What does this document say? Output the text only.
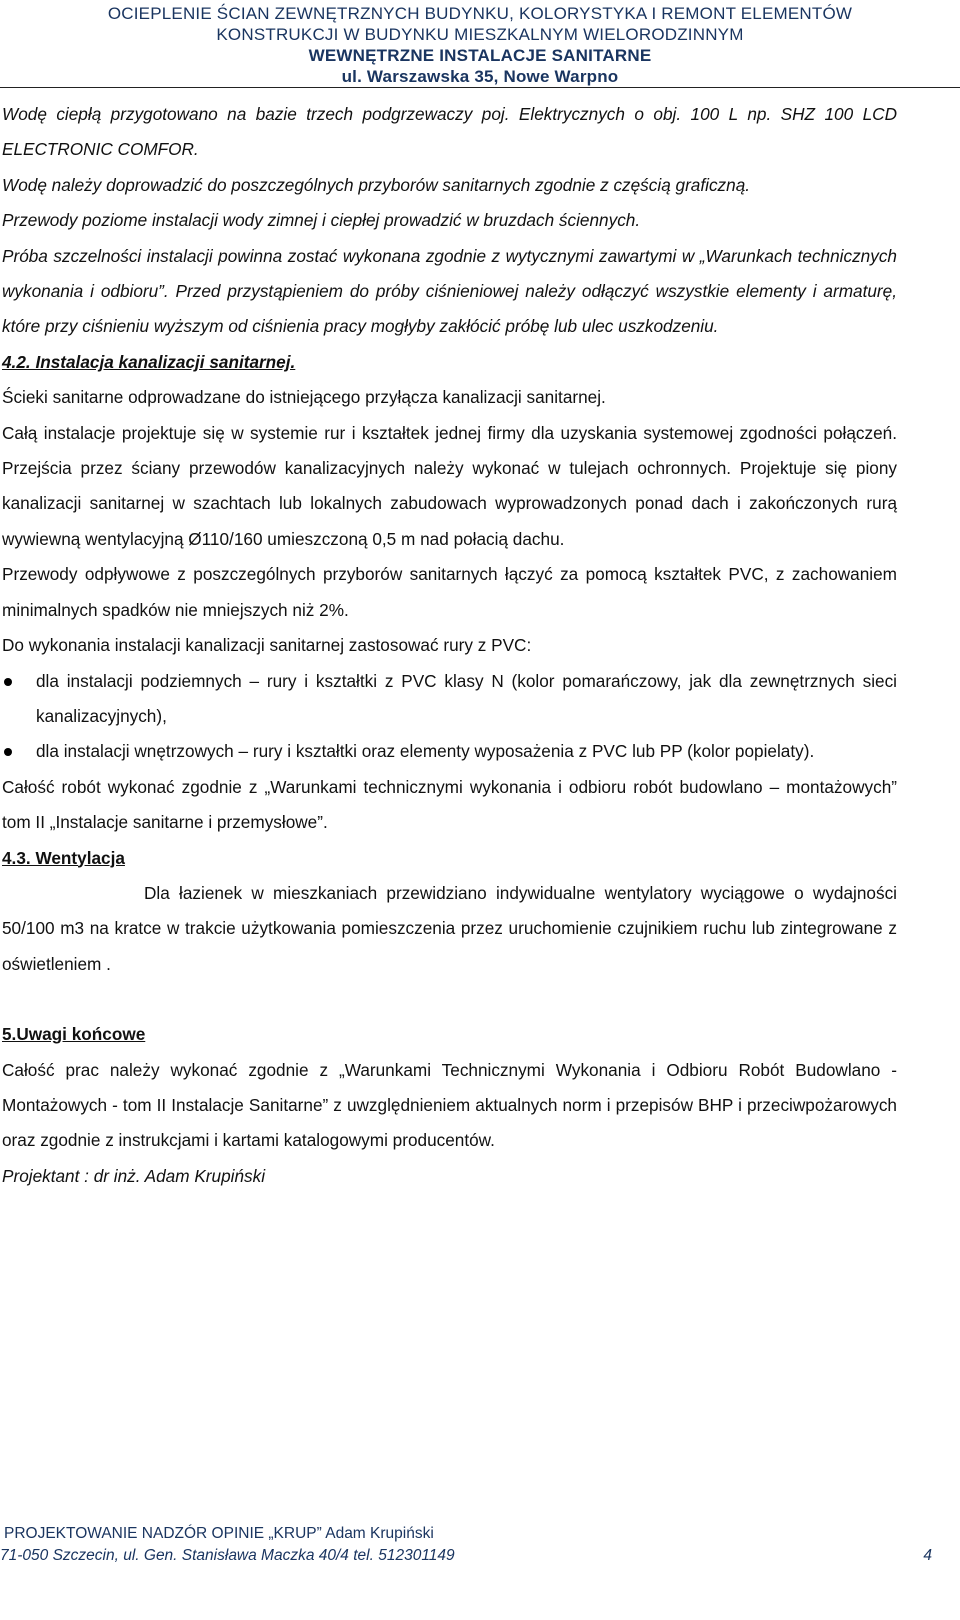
OCIEPLENIE ŚCIAN ZEWNĘTRZNYCH BUDYNKU, KOLORYSTYKA I REMONT ELEMENTÓW
KONSTRUKCJI W BUDYNKU MIESZKALNYM WIELORODZINNYM
WEWNĘTRZNE INSTALACJE SANITARNE
ul. Warszawska 35, Nowe Warpno

Wodę ciepłą przygotowano na bazie trzech podgrzewaczy poj. Elektrycznych o obj. 100 L np. SHZ 100 LCD ELECTRONIC COMFOR.

Wodę należy doprowadzić do poszczególnych przyborów sanitarnych zgodnie z częścią graficzną.

Przewody poziome instalacji wody zimnej i ciepłej prowadzić w bruzdach ściennych.

Próba szczelności instalacji powinna zostać wykonana zgodnie z wytycznymi zawartymi w „Warunkach technicznych wykonania i odbioru”. Przed przystąpieniem do próby ciśnieniowej należy odłączyć wszystkie elementy i armaturę, które przy ciśnieniu wyższym od ciśnienia pracy mogłyby zakłócić próbę lub ulec uszkodzeniu.

4.2. Instalacja kanalizacji sanitarnej.

Ścieki sanitarne odprowadzane do istniejącego przyłącza kanalizacji sanitarnej.

Całą instalacje projektuje się w systemie rur i kształtek jednej firmy dla uzyskania systemowej zgodności połączeń. Przejścia przez ściany przewodów kanalizacyjnych należy wykonać w tulejach ochronnych. Projektuje się piony kanalizacji sanitarnej w szachtach lub lokalnych zabudowach wyprowadzonych ponad dach i zakończonych rurą wywiewną wentylacyjną Ø110/160 umieszczoną 0,5 m nad połacią dachu.

Przewody odpływowe z poszczególnych przyborów sanitarnych łączyć za pomocą kształtek PVC, z zachowaniem minimalnych spadków nie mniejszych niż 2%.

Do wykonania instalacji kanalizacji sanitarnej zastosować rury z PVC:

dla instalacji podziemnych – rury i kształtki z PVC klasy N (kolor pomarańczowy, jak dla zewnętrznych sieci kanalizacyjnych),
dla instalacji wnętrzowych – rury i kształtki oraz elementy wyposażenia z PVC lub PP (kolor popielaty).

Całość robót wykonać zgodnie z „Warunkami technicznymi wykonania i odbioru robót budowlano – montażowych” tom II „Instalacje sanitarne i przemysłowe”.

4.3. Wentylacja

Dla łazienek w mieszkaniach przewidziano indywidualne wentylatory wyciągowe o wydajności 50/100 m3 na kratce w trakcie użytkowania pomieszczenia przez uruchomienie czujnikiem ruchu lub zintegrowane z oświetleniem .

5.Uwagi końcowe

Całość prac należy wykonać zgodnie z „Warunkami Technicznymi Wykonania i Odbioru Robót Budowlano - Montażowych - tom II Instalacje Sanitarne” z uwzględnieniem aktualnych norm i przepisów BHP i przeciwpożarowych oraz zgodnie z instrukcjami i kartami katalogowymi producentów.

Projektant : dr inż. Adam Krupiński

PROJEKTOWANIE NADZÓR OPINIE „KRUP” Adam Krupiński
71-050 Szczecin, ul. Gen. Stanisława Maczka 40/4 tel. 512301149	4
